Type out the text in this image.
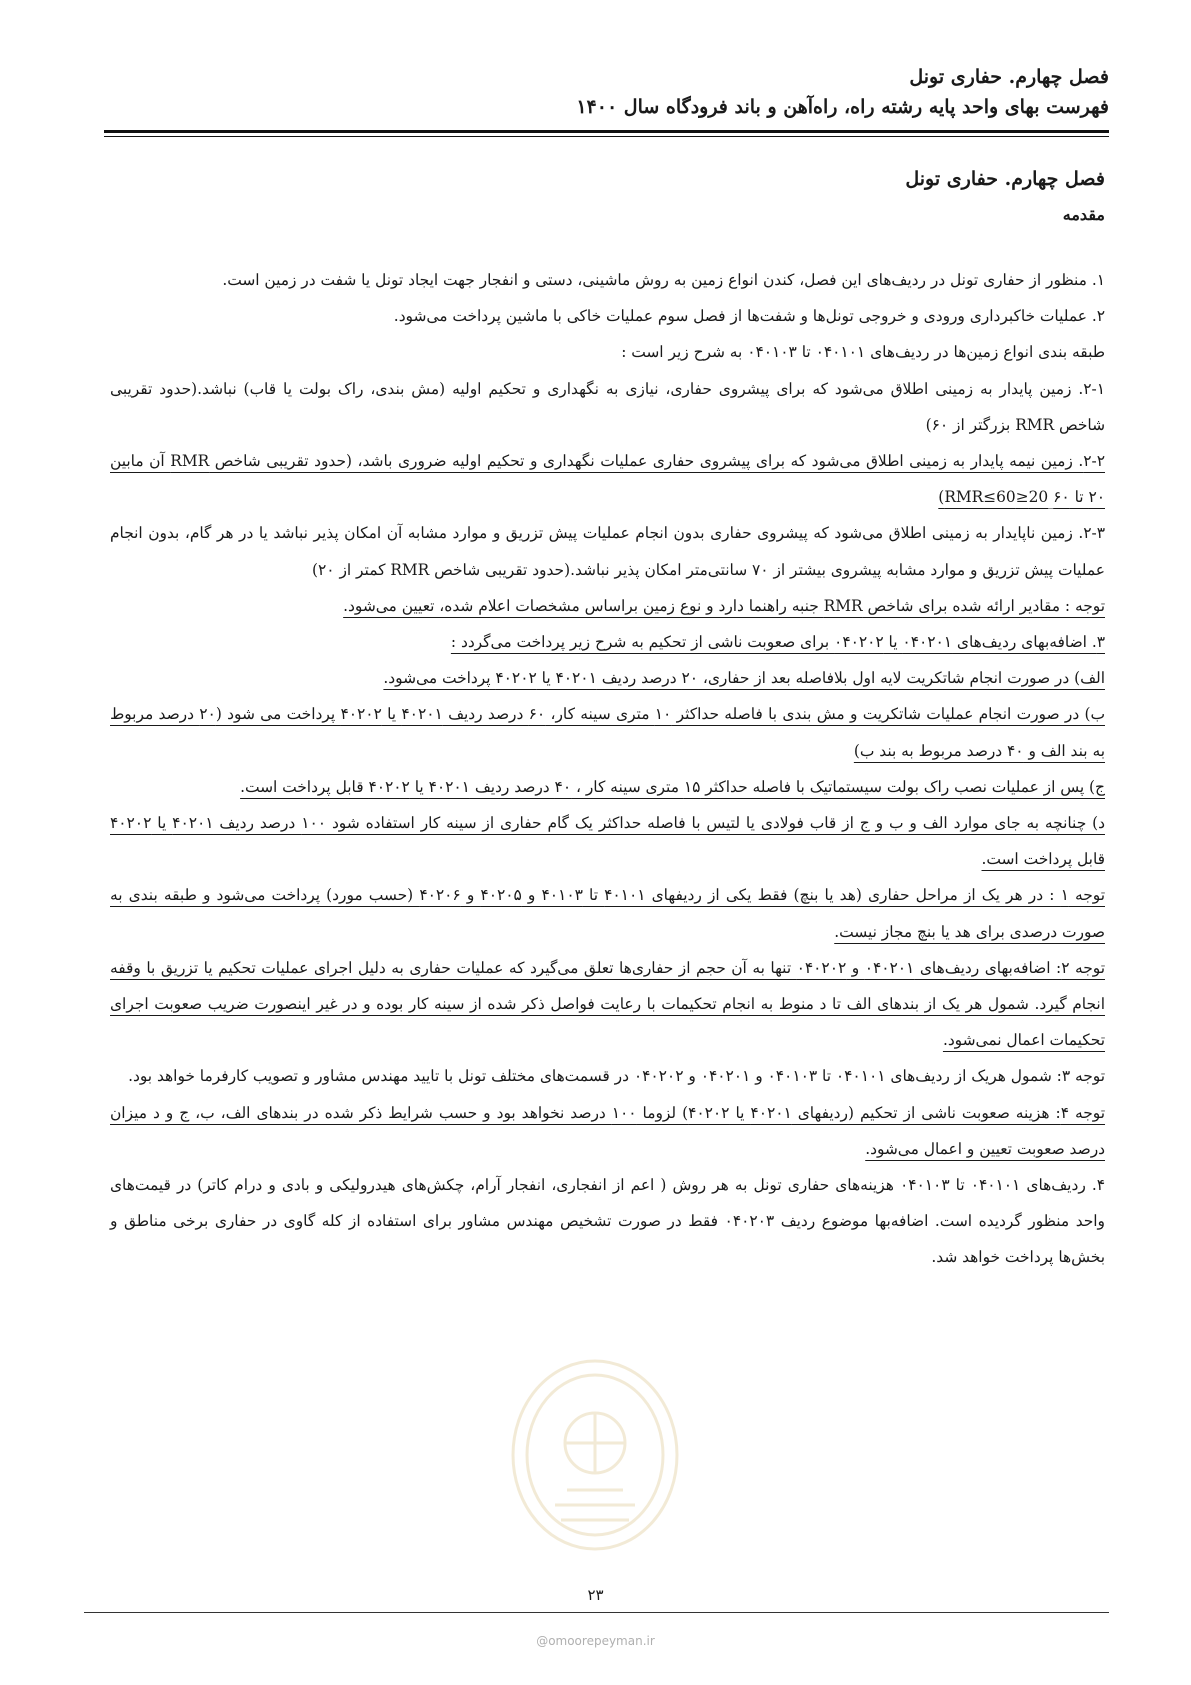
فصل چهارم. حفاری تونل
فهرست بهای واحد پایه رشته راه، راه‌آهن و باند فرودگاه سال ۱۴۰۰
فصل چهارم. حفاری تونل
مقدمه

۱. منظور از حفاری تونل در ردیف‌های این فصل، کندن انواع زمین به روش ماشینی، دستی و انفجار جهت ایجاد تونل یا شفت در زمین است.

۲. عملیات خاکبرداری ورودی و خروجی تونل‌ها و شفت‌ها از فصل سوم عملیات خاکی با ماشین پرداخت می‌شود.

طبقه بندی انواع زمین‌ها در ردیف‌های ۰۴۰۱۰۱ تا ۰۴۰۱۰۳ به شرح زیر است :

۲-۱. زمین پایدار به زمینی اطلاق می‌شود که برای پیشروی حفاری، نیازی به نگهداری و تحکیم اولیه (مش بندی، راک بولت یا قاب) نباشد.(حدود تقریبی شاخص RMR بزرگتر از ۶۰)

۲-۲. زمین نیمه پایدار به زمینی اطلاق می‌شود که برای پیشروی حفاری عملیات نگهداری و تحکیم اولیه ضروری باشد، (حدود تقریبی شاخص RMR آن مابین ۲۰ تا ۶۰ 20≤RMR≤60)

۲-۳. زمین ناپایدار به زمینی اطلاق می‌شود که پیشروی حفاری بدون انجام عملیات پیش تزریق و موارد مشابه آن امکان پذیر نباشد یا در هر گام، بدون انجام عملیات پیش تزریق و موارد مشابه پیشروی بیشتر از ۷۰ سانتی‌متر امکان پذیر نباشد.(حدود تقریبی شاخص RMR کمتر از ۲۰)

توجه : مقادیر ارائه شده برای شاخص RMR جنبه راهنما دارد و نوع زمین براساس مشخصات اعلام شده، تعیین می‌شود.

۳. اضافه‌بهای ردیف‌های ۰۴۰۲۰۱ یا ۰۴۰۲۰۲ برای صعوبت ناشی از تحکیم به شرح زیر پرداخت می‌گردد :

الف) در صورت انجام شاتکریت لایه اول بلافاصله بعد از حفاری، ۲۰ درصد ردیف ۴۰۲۰۱ یا ۴۰۲۰۲ پرداخت می‌شود.

ب) در صورت انجام عملیات شاتکریت و مش بندی با فاصله حداکثر ۱۰ متری سینه کار، ۶۰ درصد ردیف ۴۰۲۰۱ یا ۴۰۲۰۲ پرداخت می شود (۲۰ درصد مربوط به بند الف و ۴۰ درصد مربوط به بند ب)

ج) پس از عملیات نصب راک بولت سیستماتیک با فاصله حداکثر ۱۵ متری سینه کار ، ۴۰ درصد ردیف ۴۰۲۰۱ یا ۴۰۲۰۲ قابل پرداخت است.

د) چنانچه به جای موارد الف و ب و ج از قاب فولادی یا لتیس با فاصله حداکثر یک گام حفاری از سینه کار استفاده شود ۱۰۰ درصد ردیف ۴۰۲۰۱ یا ۴۰۲۰۲ قابل پرداخت است.

توجه ۱ : در هر یک از مراحل حفاری (هد یا بنچ) فقط یکی از ردیفهای ۴۰۱۰۱ تا ۴۰۱۰۳ و ۴۰۲۰۵ و ۴۰۲۰۶ (حسب مورد) پرداخت می‌شود و طبقه بندی به صورت درصدی برای هد یا بنچ مجاز نیست.

توجه ۲: اضافه‌بهای ردیف‌های ۰۴۰۲۰۱ و ۰۴۰۲۰۲ تنها به آن حجم از حفاری‌ها تعلق می‌گیرد که عملیات حفاری به دلیل اجرای عملیات تحکیم یا تزریق با وقفه انجام گیرد. شمول هر یک از بندهای الف تا د منوط به انجام تحکیمات با رعایت فواصل ذکر شده از سینه کار بوده و در غیر اینصورت ضریب صعوبت اجرای تحکیمات اعمال نمی‌شود.

توجه ۳: شمول هریک از ردیف‌های ۰۴۰۱۰۱ تا ۰۴۰۱۰۳ و ۰۴۰۲۰۱ و ۰۴۰۲۰۲ در قسمت‌های مختلف تونل با تایید مهندس مشاور و تصویب کارفرما خواهد بود.

توجه ۴: هزینه صعوبت ناشی از تحکیم (ردیفهای ۴۰۲۰۱ یا ۴۰۲۰۲) لزوما ۱۰۰ درصد نخواهد بود و حسب شرایط ذکر شده در بندهای الف، ب، ج و د میزان درصد صعوبت تعیین و اعمال می‌شود.

۴. ردیف‌های ۰۴۰۱۰۱ تا ۰۴۰۱۰۳ هزینه‌های حفاری تونل به هر روش ( اعم از انفجاری، انفجار آرام، چکش‌های هیدرولیکی و بادی و درام کاتر) در قیمت‌های واحد منظور گردیده است. اضافه‌بها موضوع ردیف ۰۴۰۲۰۳ فقط در صورت تشخیص مهندس مشاور برای استفاده از کله گاوی در حفاری برخی مناطق و بخش‌ها پرداخت خواهد شد.

۲۳
@omoorepeyman.ir
